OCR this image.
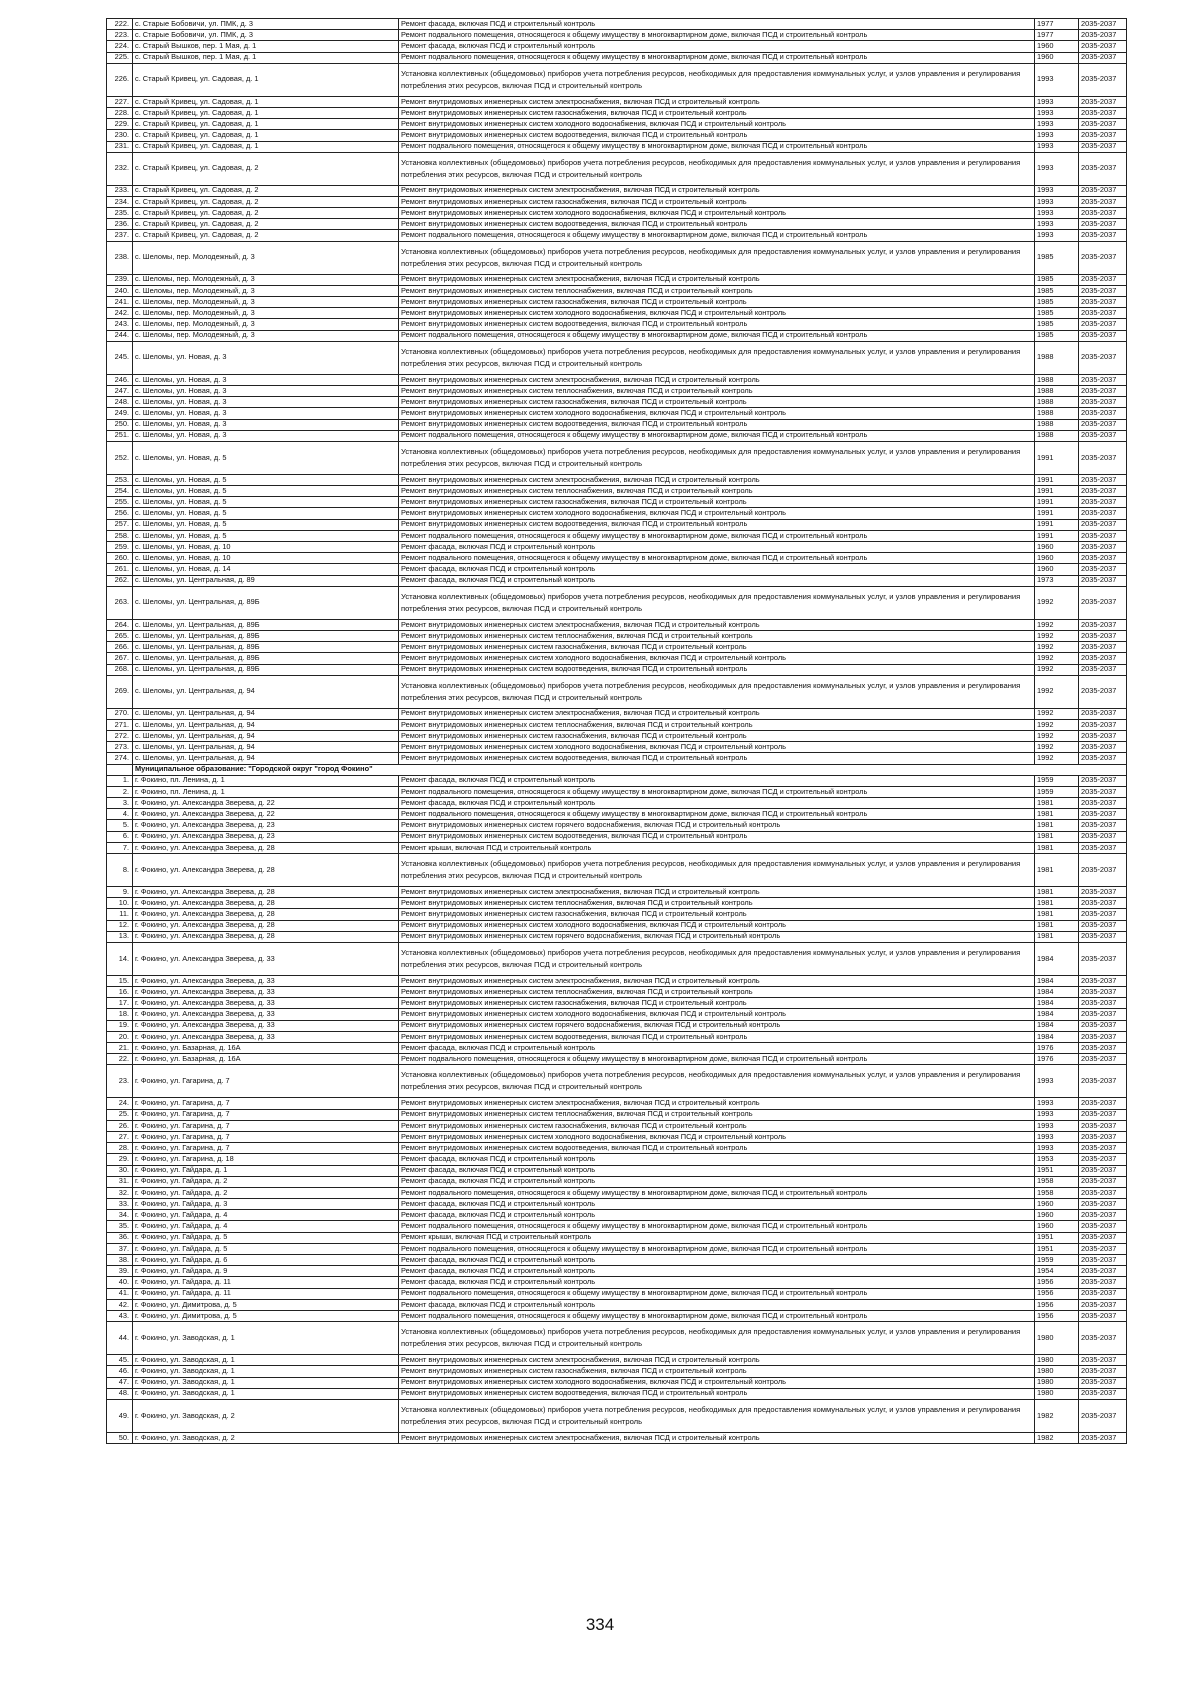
222.	с. Старые Бобовичи, ул. ПМК, д. 3	Ремонт фасада, включая ПСД и строительный контроль	1977	2035-2037
223.	с. Старые Бобовичи, ул. ПМК, д. 3	Ремонт подвального помещения, относящегося к общему имуществу в многоквартирном доме, включая ПСД и строительный контроль	1977	2035-2037
224.	с. Старый Вышков, пер. 1 Мая, д. 1	Ремонт фасада, включая ПСД и строительный контроль	1960	2035-2037
225.	с. Старый Вышков, пер. 1 Мая, д. 1	Ремонт подвального помещения, относящегося к общему имуществу в многоквартирном доме, включая ПСД и строительный контроль	1960	2035-2037
226.	с. Старый Кривец, ул. Садовая, д. 1	Установка коллективных (общедомовых) приборов учета потребления ресурсов, необходимых для предоставления коммунальных услуг, и узлов управления и регулирования потребления этих ресурсов, включая ПСД и строительный контроль	1993	2035-2037
227.	с. Старый Кривец, ул. Садовая, д. 1	Ремонт внутридомовых инженерных систем электроснабжения, включая ПСД и строительный контроль	1993	2035-2037
228.	с. Старый Кривец, ул. Садовая, д. 1	Ремонт внутридомовых инженерных систем газоснабжения, включая ПСД и строительный контроль	1993	2035-2037
229.	с. Старый Кривец, ул. Садовая, д. 1	Ремонт внутридомовых инженерных систем холодного водоснабжения, включая ПСД и строительный контроль	1993	2035-2037
230.	с. Старый Кривец, ул. Садовая, д. 1	Ремонт внутридомовых инженерных систем водоотведения, включая ПСД и строительный контроль	1993	2035-2037
231.	с. Старый Кривец, ул. Садовая, д. 1	Ремонт подвального помещения, относящегося к общему имуществу в многоквартирном доме, включая ПСД и строительный контроль	1993	2035-2037
232.	с. Старый Кривец, ул. Садовая, д. 2	Установка коллективных (общедомовых) приборов учета потребления ресурсов, необходимых для предоставления коммунальных услуг, и узлов управления и регулирования потребления этих ресурсов, включая ПСД и строительный контроль	1993	2035-2037
233.	с. Старый Кривец, ул. Садовая, д. 2	Ремонт внутридомовых инженерных систем электроснабжения, включая ПСД и строительный контроль	1993	2035-2037
234.	с. Старый Кривец, ул. Садовая, д. 2	Ремонт внутридомовых инженерных систем газоснабжения, включая ПСД и строительный контроль	1993	2035-2037
235.	с. Старый Кривец, ул. Садовая, д. 2	Ремонт внутридомовых инженерных систем холодного водоснабжения, включая ПСД и строительный контроль	1993	2035-2037
236.	с. Старый Кривец, ул. Садовая, д. 2	Ремонт внутридомовых инженерных систем водоотведения, включая ПСД и строительный контроль	1993	2035-2037
237.	с. Старый Кривец, ул. Садовая, д. 2	Ремонт подвального помещения, относящегося к общему имуществу в многоквартирном доме, включая ПСД и строительный контроль	1993	2035-2037
238.	с. Шеломы, пер. Молодежный, д. 3	Установка коллективных (общедомовых) приборов учета потребления ресурсов, необходимых для предоставления коммунальных услуг, и узлов управления и регулирования потребления этих ресурсов, включая ПСД и строительный контроль	1985	2035-2037
239.	с. Шеломы, пер. Молодежный, д. 3	Ремонт внутридомовых инженерных систем электроснабжения, включая ПСД и строительный контроль	1985	2035-2037
240.	с. Шеломы, пер. Молодежный, д. 3	Ремонт внутридомовых инженерных систем теплоснабжения, включая ПСД и строительный контроль	1985	2035-2037
241.	с. Шеломы, пер. Молодежный, д. 3	Ремонт внутридомовых инженерных систем газоснабжения, включая ПСД и строительный контроль	1985	2035-2037
242.	с. Шеломы, пер. Молодежный, д. 3	Ремонт внутридомовых инженерных систем холодного водоснабжения, включая ПСД и строительный контроль	1985	2035-2037
243.	с. Шеломы, пер. Молодежный, д. 3	Ремонт внутридомовых инженерных систем водоотведения, включая ПСД и строительный контроль	1985	2035-2037
244.	с. Шеломы, пер. Молодежный, д. 3	Ремонт подвального помещения, относящегося к общему имуществу в многоквартирном доме, включая ПСД и строительный контроль	1985	2035-2037
245.	с. Шеломы, ул. Новая, д. 3	Установка коллективных (общедомовых) приборов учета потребления ресурсов, необходимых для предоставления коммунальных услуг, и узлов управления и регулирования потребления этих ресурсов, включая ПСД и строительный контроль	1988	2035-2037
246.	с. Шеломы, ул. Новая, д. 3	Ремонт внутридомовых инженерных систем электроснабжения, включая ПСД и строительный контроль	1988	2035-2037
247.	с. Шеломы, ул. Новая, д. 3	Ремонт внутридомовых инженерных систем теплоснабжения, включая ПСД и строительный контроль	1988	2035-2037
248.	с. Шеломы, ул. Новая, д. 3	Ремонт внутридомовых инженерных систем газоснабжения, включая ПСД и строительный контроль	1988	2035-2037
249.	с. Шеломы, ул. Новая, д. 3	Ремонт внутридомовых инженерных систем холодного водоснабжения, включая ПСД и строительный контроль	1988	2035-2037
250.	с. Шеломы, ул. Новая, д. 3	Ремонт внутридомовых инженерных систем водоотведения, включая ПСД и строительный контроль	1988	2035-2037
251.	с. Шеломы, ул. Новая, д. 3	Ремонт подвального помещения, относящегося к общему имуществу в многоквартирном доме, включая ПСД и строительный контроль	1988	2035-2037
252.	с. Шеломы, ул. Новая, д. 5	Установка коллективных (общедомовых) приборов учета потребления ресурсов, необходимых для предоставления коммунальных услуг, и узлов управления и регулирования потребления этих ресурсов, включая ПСД и строительный контроль	1991	2035-2037
253.	с. Шеломы, ул. Новая, д. 5	Ремонт внутридомовых инженерных систем электроснабжения, включая ПСД и строительный контроль	1991	2035-2037
254.	с. Шеломы, ул. Новая, д. 5	Ремонт внутридомовых инженерных систем теплоснабжения, включая ПСД и строительный контроль	1991	2035-2037
255.	с. Шеломы, ул. Новая, д. 5	Ремонт внутридомовых инженерных систем газоснабжения, включая ПСД и строительный контроль	1991	2035-2037
256.	с. Шеломы, ул. Новая, д. 5	Ремонт внутридомовых инженерных систем холодного водоснабжения, включая ПСД и строительный контроль	1991	2035-2037
257.	с. Шеломы, ул. Новая, д. 5	Ремонт внутридомовых инженерных систем водоотведения, включая ПСД и строительный контроль	1991	2035-2037
258.	с. Шеломы, ул. Новая, д. 5	Ремонт подвального помещения, относящегося к общему имуществу в многоквартирном доме, включая ПСД и строительный контроль	1991	2035-2037
259.	с. Шеломы, ул. Новая, д. 10	Ремонт фасада, включая ПСД и строительный контроль	1960	2035-2037
260.	с. Шеломы, ул. Новая, д. 10	Ремонт подвального помещения, относящегося к общему имуществу в многоквартирном доме, включая ПСД и строительный контроль	1960	2035-2037
261.	с. Шеломы, ул. Новая, д. 14	Ремонт фасада, включая ПСД и строительный контроль	1960	2035-2037
262.	с. Шеломы, ул. Центральная, д. 89	Ремонт фасада, включая ПСД и строительный контроль	1973	2035-2037
263.	с. Шеломы, ул. Центральная, д. 89Б	Установка коллективных (общедомовых) приборов учета потребления ресурсов, необходимых для предоставления коммунальных услуг, и узлов управления и регулирования потребления этих ресурсов, включая ПСД и строительный контроль	1992	2035-2037
264.	с. Шеломы, ул. Центральная, д. 89Б	Ремонт внутридомовых инженерных систем электроснабжения, включая ПСД и строительный контроль	1992	2035-2037
265.	с. Шеломы, ул. Центральная, д. 89Б	Ремонт внутридомовых инженерных систем теплоснабжения, включая ПСД и строительный контроль	1992	2035-2037
266.	с. Шеломы, ул. Центральная, д. 89Б	Ремонт внутридомовых инженерных систем газоснабжения, включая ПСД и строительный контроль	1992	2035-2037
267.	с. Шеломы, ул. Центральная, д. 89Б	Ремонт внутридомовых инженерных систем холодного водоснабжения, включая ПСД и строительный контроль	1992	2035-2037
268.	с. Шеломы, ул. Центральная, д. 89Б	Ремонт внутридомовых инженерных систем водоотведения, включая ПСД и строительный контроль	1992	2035-2037
269.	с. Шеломы, ул. Центральная, д. 94	Установка коллективных (общедомовых) приборов учета потребления ресурсов, необходимых для предоставления коммунальных услуг, и узлов управления и регулирования потребления этих ресурсов, включая ПСД и строительный контроль	1992	2035-2037
270.	с. Шеломы, ул. Центральная, д. 94	Ремонт внутридомовых инженерных систем электроснабжения, включая ПСД и строительный контроль	1992	2035-2037
271.	с. Шеломы, ул. Центральная, д. 94	Ремонт внутридомовых инженерных систем теплоснабжения, включая ПСД и строительный контроль	1992	2035-2037
272.	с. Шеломы, ул. Центральная, д. 94	Ремонт внутридомовых инженерных систем газоснабжения, включая ПСД и строительный контроль	1992	2035-2037
273.	с. Шеломы, ул. Центральная, д. 94	Ремонт внутридомовых инженерных систем холодного водоснабжения, включая ПСД и строительный контроль	1992	2035-2037
274.	с. Шеломы, ул. Центральная, д. 94	Ремонт внутридомовых инженерных систем водоотведения, включая ПСД и строительный контроль	1992	2035-2037
	Муниципальное образование: "Городской округ "город Фокино"			
1.	г. Фокино, пл. Ленина, д. 1	Ремонт фасада, включая ПСД и строительный контроль	1959	2035-2037
2.	г. Фокино, пл. Ленина, д. 1	Ремонт подвального помещения, относящегося к общему имуществу в многоквартирном доме, включая ПСД и строительный контроль	1959	2035-2037
3.	г. Фокино, ул. Александра Зверева, д. 22	Ремонт фасада, включая ПСД и строительный контроль	1981	2035-2037
4.	г. Фокино, ул. Александра Зверева, д. 22	Ремонт подвального помещения, относящегося к общему имуществу в многоквартирном доме, включая ПСД и строительный контроль	1981	2035-2037
5.	г. Фокино, ул. Александра Зверева, д. 23	Ремонт внутридомовых инженерных систем горячего водоснабжения, включая ПСД и строительный контроль	1981	2035-2037
6.	г. Фокино, ул. Александра Зверева, д. 23	Ремонт внутридомовых инженерных систем водоотведения, включая ПСД и строительный контроль	1981	2035-2037
7.	г. Фокино, ул. Александра Зверева, д. 28	Ремонт крыши, включая ПСД и строительный контроль	1981	2035-2037
8.	г. Фокино, ул. Александра Зверева, д. 28	Установка коллективных (общедомовых) приборов учета потребления ресурсов, необходимых для предоставления коммунальных услуг, и узлов управления и регулирования потребления этих ресурсов, включая ПСД и строительный контроль	1981	2035-2037
9.	г. Фокино, ул. Александра Зверева, д. 28	Ремонт внутридомовых инженерных систем электроснабжения, включая ПСД и строительный контроль	1981	2035-2037
10.	г. Фокино, ул. Александра Зверева, д. 28	Ремонт внутридомовых инженерных систем теплоснабжения, включая ПСД и строительный контроль	1981	2035-2037
11.	г. Фокино, ул. Александра Зверева, д. 28	Ремонт внутридомовых инженерных систем газоснабжения, включая ПСД и строительный контроль	1981	2035-2037
12.	г. Фокино, ул. Александра Зверева, д. 28	Ремонт внутридомовых инженерных систем холодного водоснабжения, включая ПСД и строительный контроль	1981	2035-2037
13.	г. Фокино, ул. Александра Зверева, д. 28	Ремонт внутридомовых инженерных систем горячего водоснабжения, включая ПСД и строительный контроль	1981	2035-2037
14.	г. Фокино, ул. Александра Зверева, д. 33	Установка коллективных (общедомовых) приборов учета потребления ресурсов, необходимых для предоставления коммунальных услуг, и узлов управления и регулирования потребления этих ресурсов, включая ПСД и строительный контроль	1984	2035-2037
15.	г. Фокино, ул. Александра Зверева, д. 33	Ремонт внутридомовых инженерных систем электроснабжения, включая ПСД и строительный контроль	1984	2035-2037
16.	г. Фокино, ул. Александра Зверева, д. 33	Ремонт внутридомовых инженерных систем теплоснабжения, включая ПСД и строительный контроль	1984	2035-2037
17.	г. Фокино, ул. Александра Зверева, д. 33	Ремонт внутридомовых инженерных систем газоснабжения, включая ПСД и строительный контроль	1984	2035-2037
18.	г. Фокино, ул. Александра Зверева, д. 33	Ремонт внутридомовых инженерных систем холодного водоснабжения, включая ПСД и строительный контроль	1984	2035-2037
19.	г. Фокино, ул. Александра Зверева, д. 33	Ремонт внутридомовых инженерных систем горячего водоснабжения, включая ПСД и строительный контроль	1984	2035-2037
20.	г. Фокино, ул. Александра Зверева, д. 33	Ремонт внутридомовых инженерных систем водоотведения, включая ПСД и строительный контроль	1984	2035-2037
21.	г. Фокино, ул. Базарная, д. 16А	Ремонт фасада, включая ПСД и строительный контроль	1976	2035-2037
22.	г. Фокино, ул. Базарная, д. 16А	Ремонт подвального помещения, относящегося к общему имуществу в многоквартирном доме, включая ПСД и строительный контроль	1976	2035-2037
23.	г. Фокино, ул. Гагарина, д. 7	Установка коллективных (общедомовых) приборов учета потребления ресурсов, необходимых для предоставления коммунальных услуг, и узлов управления и регулирования потребления этих ресурсов, включая ПСД и строительный контроль	1993	2035-2037
24.	г. Фокино, ул. Гагарина, д. 7	Ремонт внутридомовых инженерных систем электроснабжения, включая ПСД и строительный контроль	1993	2035-2037
25.	г. Фокино, ул. Гагарина, д. 7	Ремонт внутридомовых инженерных систем теплоснабжения, включая ПСД и строительный контроль	1993	2035-2037
26.	г. Фокино, ул. Гагарина, д. 7	Ремонт внутридомовых инженерных систем газоснабжения, включая ПСД и строительный контроль	1993	2035-2037
27.	г. Фокино, ул. Гагарина, д. 7	Ремонт внутридомовых инженерных систем холодного водоснабжения, включая ПСД и строительный контроль	1993	2035-2037
28.	г. Фокино, ул. Гагарина, д. 7	Ремонт внутридомовых инженерных систем водоотведения, включая ПСД и строительный контроль	1993	2035-2037
29.	г. Фокино, ул. Гагарина, д. 18	Ремонт фасада, включая ПСД и строительный контроль	1953	2035-2037
30.	г. Фокино, ул. Гайдара, д. 1	Ремонт фасада, включая ПСД и строительный контроль	1951	2035-2037
31.	г. Фокино, ул. Гайдара, д. 2	Ремонт фасада, включая ПСД и строительный контроль	1958	2035-2037
32.	г. Фокино, ул. Гайдара, д. 2	Ремонт подвального помещения, относящегося к общему имуществу в многоквартирном доме, включая ПСД и строительный контроль	1958	2035-2037
33.	г. Фокино, ул. Гайдара, д. 3	Ремонт фасада, включая ПСД и строительный контроль	1960	2035-2037
34.	г. Фокино, ул. Гайдара, д. 4	Ремонт фасада, включая ПСД и строительный контроль	1960	2035-2037
35.	г. Фокино, ул. Гайдара, д. 4	Ремонт подвального помещения, относящегося к общему имуществу в многоквартирном доме, включая ПСД и строительный контроль	1960	2035-2037
36.	г. Фокино, ул. Гайдара, д. 5	Ремонт крыши, включая ПСД и строительный контроль	1951	2035-2037
37.	г. Фокино, ул. Гайдара, д. 5	Ремонт подвального помещения, относящегося к общему имуществу в многоквартирном доме, включая ПСД и строительный контроль	1951	2035-2037
38.	г. Фокино, ул. Гайдара, д. 6	Ремонт фасада, включая ПСД и строительный контроль	1959	2035-2037
39.	г. Фокино, ул. Гайдара, д. 9	Ремонт фасада, включая ПСД и строительный контроль	1954	2035-2037
40.	г. Фокино, ул. Гайдара, д. 11	Ремонт фасада, включая ПСД и строительный контроль	1956	2035-2037
41.	г. Фокино, ул. Гайдара, д. 11	Ремонт подвального помещения, относящегося к общему имуществу в многоквартирном доме, включая ПСД и строительный контроль	1956	2035-2037
42.	г. Фокино, ул. Димитрова, д. 5	Ремонт фасада, включая ПСД и строительный контроль	1956	2035-2037
43.	г. Фокино, ул. Димитрова, д. 5	Ремонт подвального помещения, относящегося к общему имуществу в многоквартирном доме, включая ПСД и строительный контроль	1956	2035-2037
44.	г. Фокино, ул. Заводская, д. 1	Установка коллективных (общедомовых) приборов учета потребления ресурсов, необходимых для предоставления коммунальных услуг, и узлов управления и регулирования потребления этих ресурсов, включая ПСД и строительный контроль	1980	2035-2037
45.	г. Фокино, ул. Заводская, д. 1	Ремонт внутридомовых инженерных систем электроснабжения, включая ПСД и строительный контроль	1980	2035-2037
46.	г. Фокино, ул. Заводская, д. 1	Ремонт внутридомовых инженерных систем газоснабжения, включая ПСД и строительный контроль	1980	2035-2037
47.	г. Фокино, ул. Заводская, д. 1	Ремонт внутридомовых инженерных систем холодного водоснабжения, включая ПСД и строительный контроль	1980	2035-2037
48.	г. Фокино, ул. Заводская, д. 1	Ремонт внутридомовых инженерных систем водоотведения, включая ПСД и строительный контроль	1980	2035-2037
49.	г. Фокино, ул. Заводская, д. 2	Установка коллективных (общедомовых) приборов учета потребления ресурсов, необходимых для предоставления коммунальных услуг, и узлов управления и регулирования потребления этих ресурсов, включая ПСД и строительный контроль	1982	2035-2037
50.	г. Фокино, ул. Заводская, д. 2	Ремонт внутридомовых инженерных систем электроснабжения, включая ПСД и строительный контроль	1982	2035-2037
334
